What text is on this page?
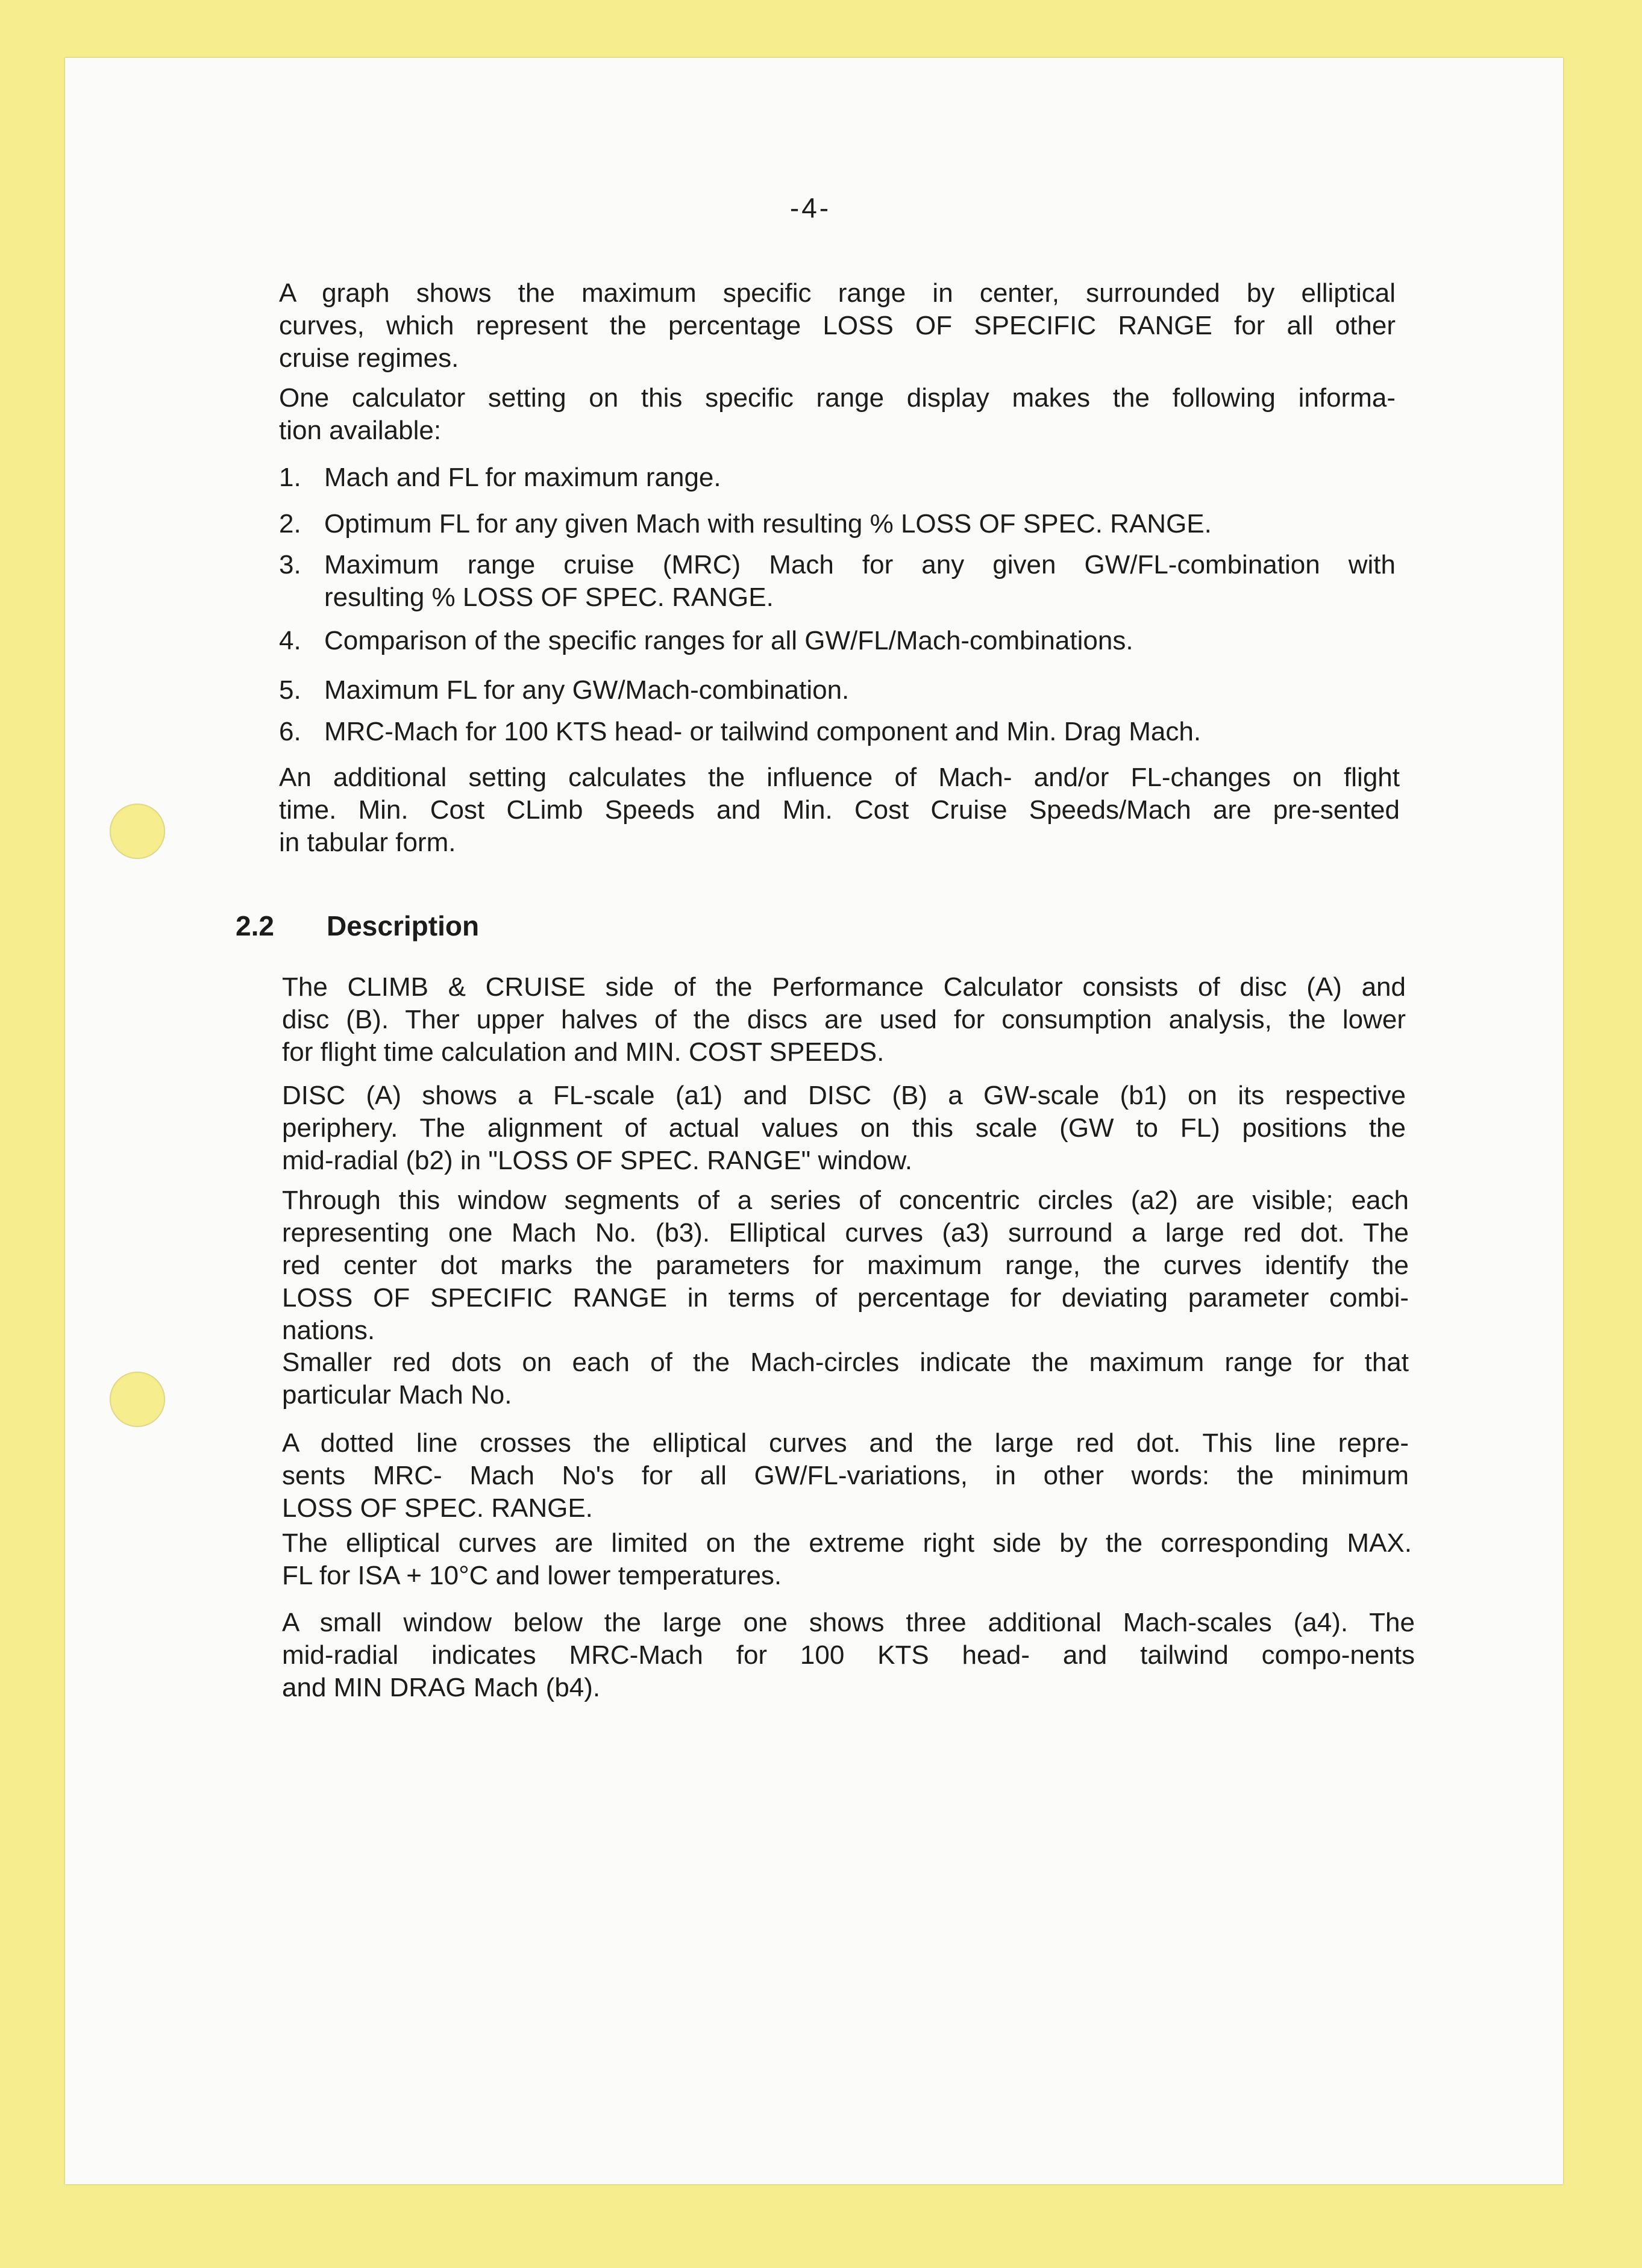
-4-
A graph shows the maximum specific range in center, surrounded by elliptical
curves, which represent the percentage LOSS OF SPECIFIC RANGE for all other
cruise regimes.
One calculator setting on this specific range display makes the following informa-
tion available:
1. Mach and FL for maximum range.
2. Optimum FL for any given Mach with resulting % LOSS OF SPEC. RANGE.
3. Maximum range cruise (MRC) Mach for any given GW/FL-combination with
resulting % LOSS OF SPEC. RANGE.
4. Comparison of the specific ranges for all GW/FL/Mach-combinations.
5. Maximum FL for any GW/Mach-combination.
6. MRC-Mach for 100 KTS head- or tailwind component and Min. Drag Mach.
An additional setting calculates the influence of Mach- and/or FL-changes on flight
time. Min. Cost CLimb Speeds and Min. Cost Cruise Speeds/Mach are pre-sented
in tabular form.
2.2 Description
The CLIMB & CRUISE side of the Performance Calculator consists of disc (A) and
disc (B). Ther upper halves of the discs are used for consumption analysis, the lower
for flight time calculation and MIN. COST SPEEDS.
DISC (A) shows a FL-scale (a1) and DISC (B) a GW-scale (b1) on its respective
periphery. The alignment of actual values on this scale (GW to FL) positions the
mid-radial (b2) in "LOSS OF SPEC. RANGE" window.
Through this window segments of a series of concentric circles (a2) are visible; each
representing one Mach No. (b3). Elliptical curves (a3) surround a large red dot. The
red center dot marks the parameters for maximum range, the curves identify the
LOSS OF SPECIFIC RANGE in terms of percentage for deviating parameter combi-
nations.
Smaller red dots on each of the Mach-circles indicate the maximum range for that
particular Mach No.
A dotted line crosses the elliptical curves and the large red dot. This line repre-
sents MRC- Mach No's for all GW/FL-variations, in other words: the minimum
LOSS OF SPEC. RANGE.
The elliptical curves are limited on the extreme right side by the corresponding MAX.
FL for ISA + 10°C and lower temperatures.
A small window below the large one shows three additional Mach-scales (a4). The
mid-radial indicates MRC-Mach for 100 KTS head- and tailwind compo-nents
and MIN DRAG Mach (b4).
